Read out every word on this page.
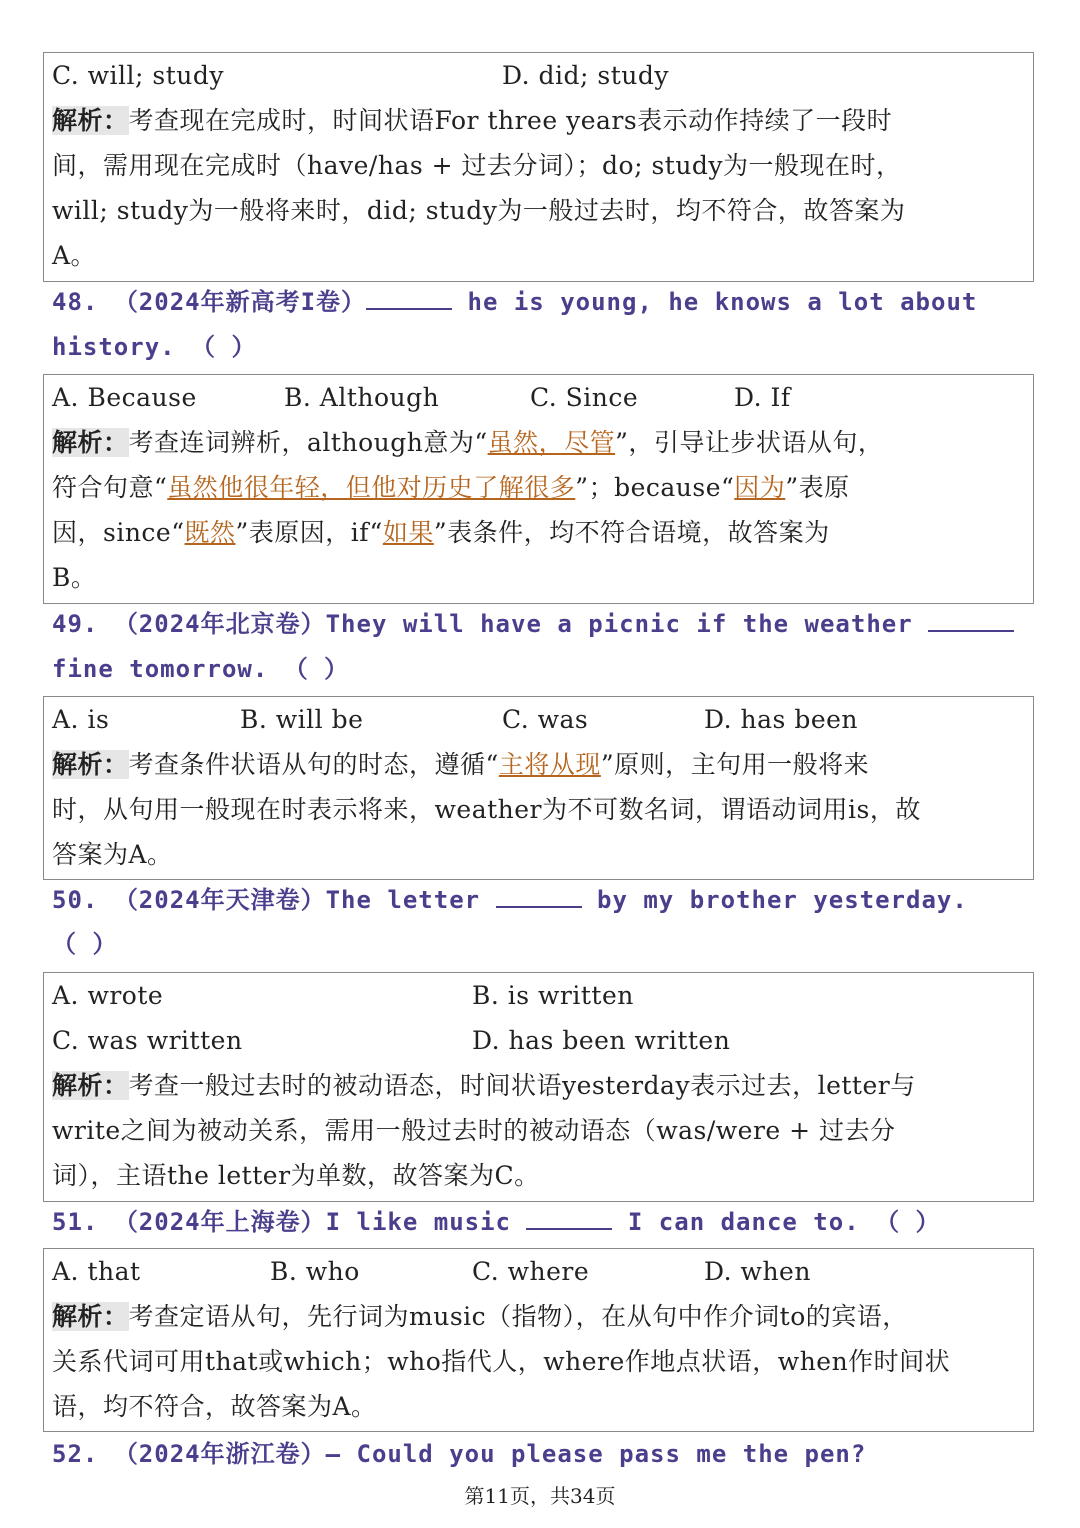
C. will; study	D. did; study
解析：考查现在完成时，时间状语For three years表示动作持续了一段时
间，需用现在完成时（have/has + 过去分词）；do; study为一般现在时，
will; study为一般将来时，did; study为一般过去时，均不符合，故答案为
A。
48. （2024年新高考I卷）	he is young, he knows a lot about
history. （ ）
A. Because	B. Although	C. Since	D. If
解析：考查连词辨析，although意为“虽然，尽管”，引导让步状语从句，
符合句意“虽然他很年轻，但他对历史了解很多”；because“因为”表原
因，since“既然”表原因，if“如果”表条件，均不符合语境，故答案为
B。
49. （2024年北京卷）They will have a picnic if the weather
fine tomorrow. （ ）
A. is	B. will be	C. was	D. has been
解析：考查条件状语从句的时态，遵循“主将从现”原则，主句用一般将来
时，从句用一般现在时表示将来，weather为不可数名词，谓语动词用is，故
答案为A。
50. （2024年天津卷）The letter	by my brother yesterday.
（ ）
A. wrote	B. is written
C. was written	D. has been written
解析：考查一般过去时的被动语态，时间状语yesterday表示过去，letter与
write之间为被动关系，需用一般过去时的被动语态（was/were + 过去分
词），主语the letter为单数，故答案为C。
51. （2024年上海卷）I like music	I can dance to. （ ）
A. that	B. who	C. where	D. when
解析：考查定语从句，先行词为music（指物），在从句中作介词to的宾语，
关系代词可用that或which；who指代人，where作地点状语，when作时间状
语，均不符合，故答案为A。
52. （2024年浙江卷）— Could you please pass me the pen?
第11页，共34页
